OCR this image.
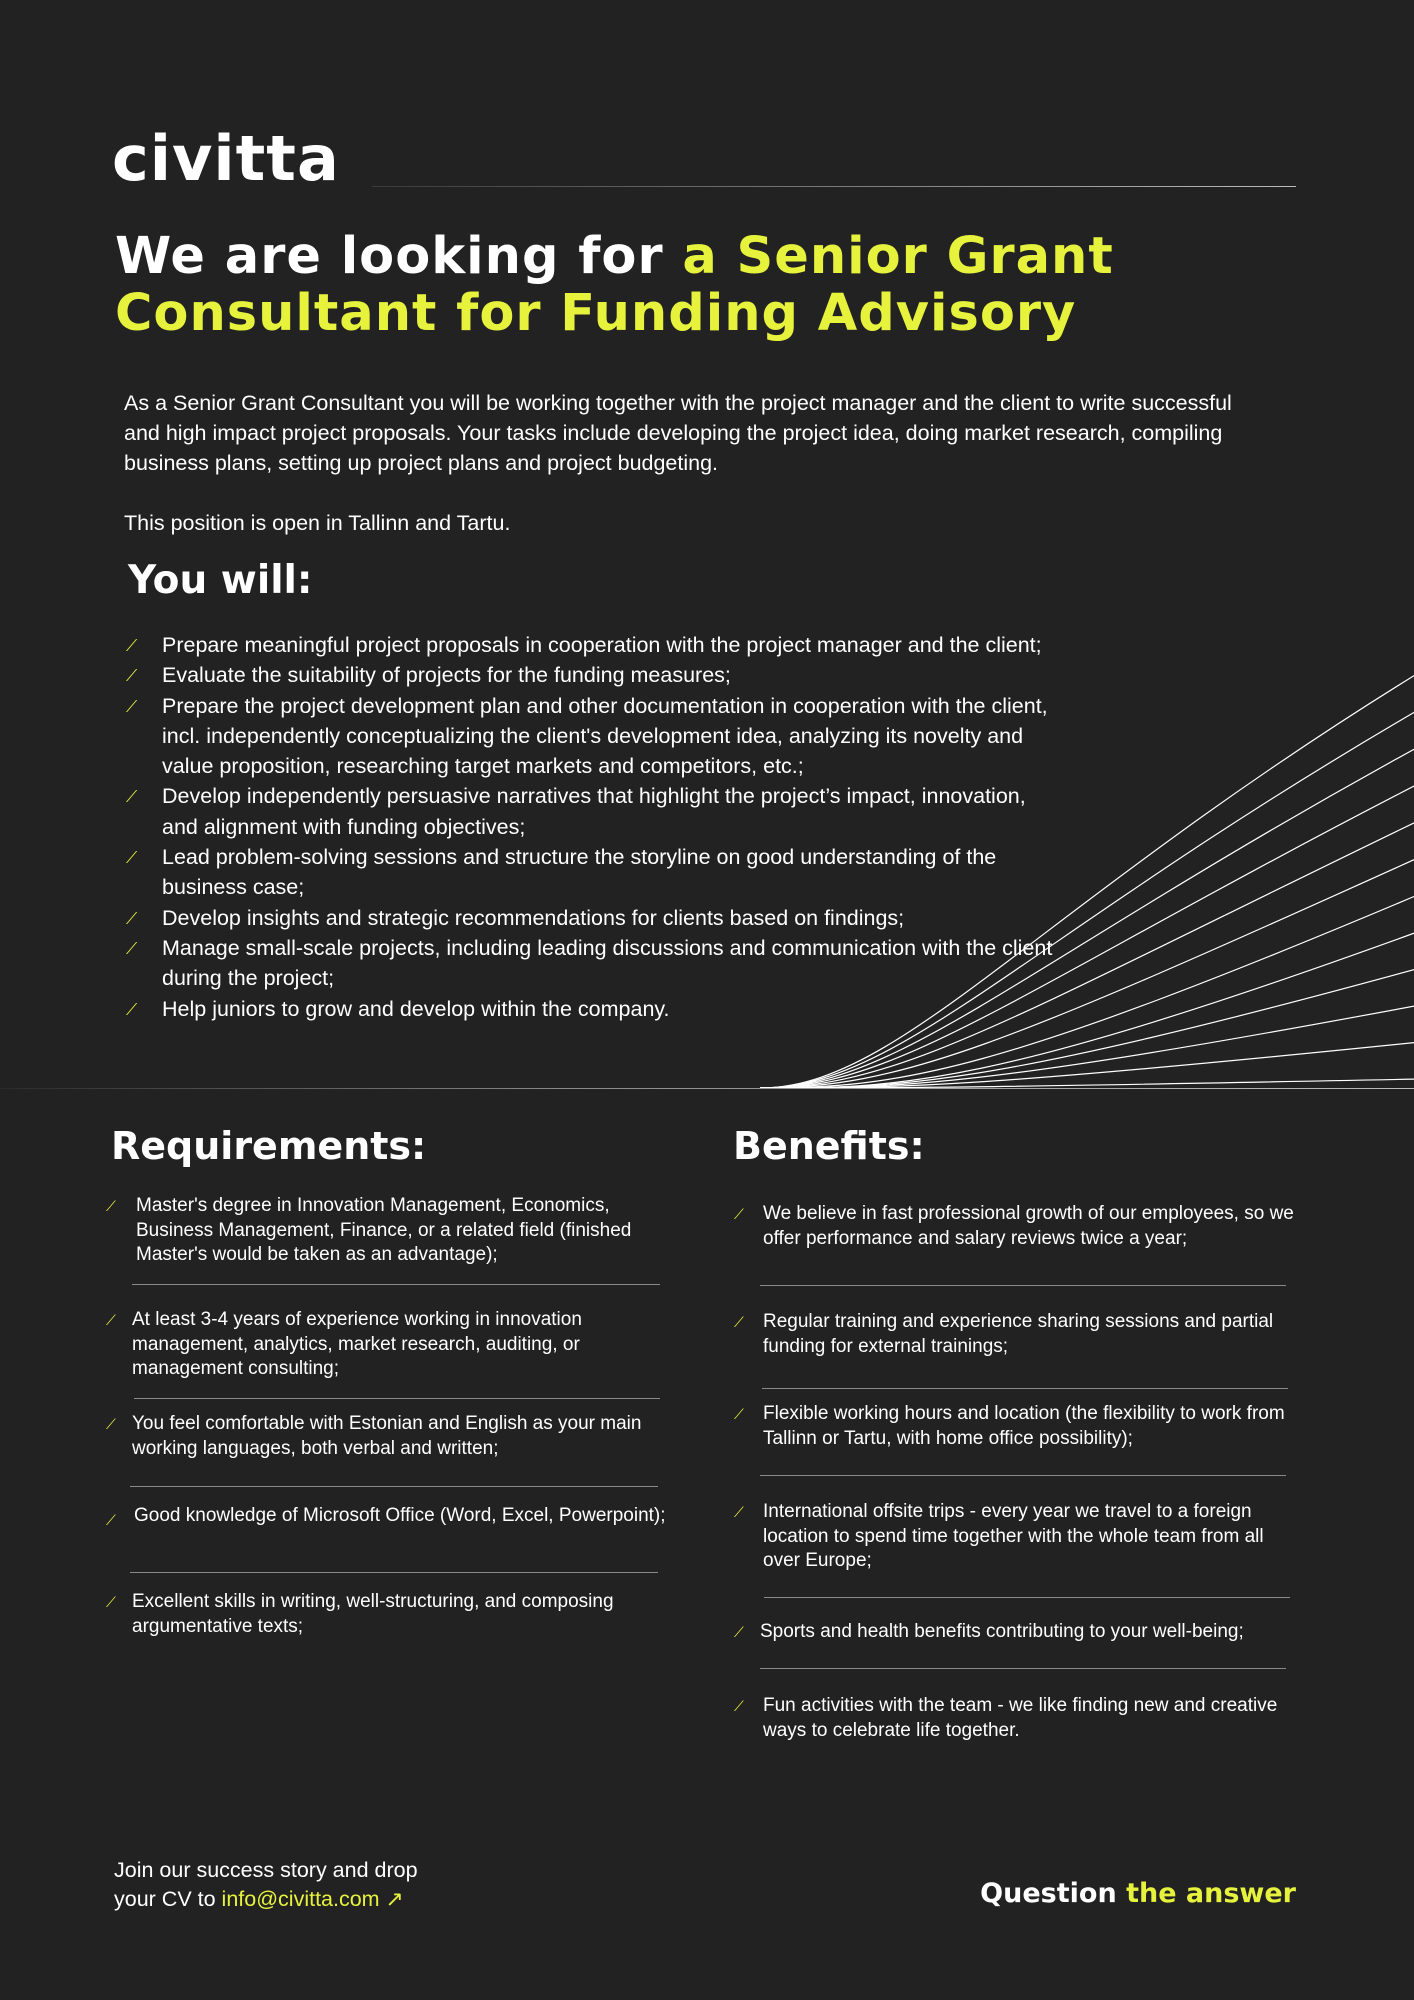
civitta
We are looking for a Senior Grant Consultant for Funding Advisory

As a Senior Grant Consultant you will be working together with the project manager and the client to write successful and high impact project proposals. Your tasks include developing the project idea, doing market research, compiling business plans, setting up project plans and project budgeting.

This position is open in Tallinn and Tartu.

You will:
⟋ Prepare meaningful project proposals in cooperation with the project manager and the client;
⟋ Evaluate the suitability of projects for the funding measures;
⟋ Prepare the project development plan and other documentation in cooperation with the client, incl. independently conceptualizing the client's development idea, analyzing its novelty and value proposition, researching target markets and competitors, etc.;
⟋ Develop independently persuasive narratives that highlight the project’s impact, innovation, and alignment with funding objectives;
⟋ Lead problem-solving sessions and structure the storyline on good understanding of the business case;
⟋ Develop insights and strategic recommendations for clients based on findings;
⟋ Manage small-scale projects, including leading discussions and communication with the client during the project;
⟋ Help juniors to grow and develop within the company.
Requirements:
⟋	Master's degree in Innovation Management, Economics, Business Management, Finance, or a related field (finished Master's would be taken as an advantage);
⟋ At least 3-4 years of experience working in innovation management, analytics, market research, auditing, or management consulting;
⟋ You feel comfortable with Estonian and English as your main working languages, both verbal and written;
⟋ Good knowledge of Microsoft Office (Word, Excel, Powerpoint);
⟋ Excellent skills in writing, well-structuring, and composing argumentative texts;
Benefits:
⟋	We believe in fast professional growth of our employees, so we offer performance and salary reviews twice a year;
⟋	Regular training and experience sharing sessions and partial funding for external trainings;
⟋	Flexible working hours and location (the flexibility to work from Tallinn or Tartu, with home office possibility);
⟋	International offsite trips - every year we travel to a foreign location to spend time together with the whole team from all over Europe;
⟋ Sports and health benefits contributing to your well-being;
⟋	Fun activities with the team - we like finding new and creative ways to celebrate life together.
Join our success story and drop
your CV to info@civitta.com ↗	Question the answer
